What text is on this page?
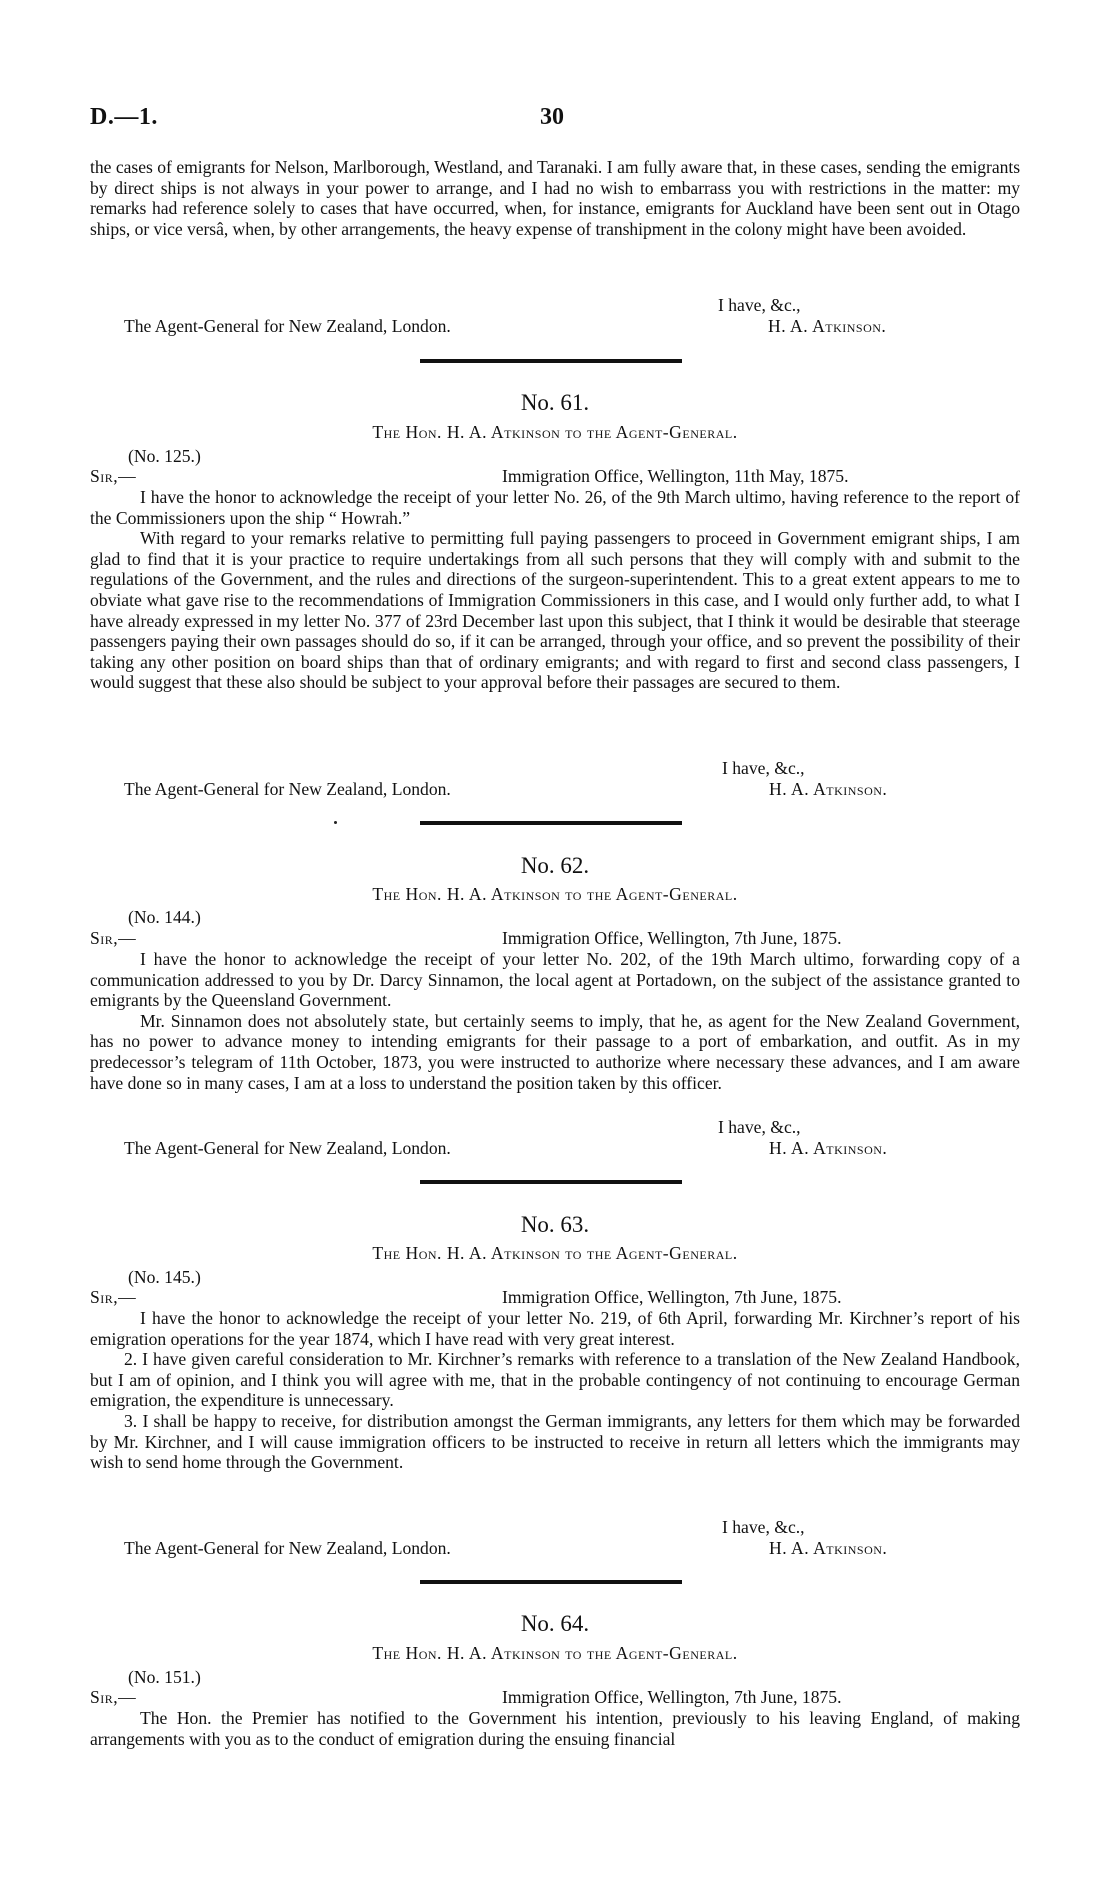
D.—1.	30

the cases of emigrants for Nelson, Marlborough, Westland, and Taranaki. I am fully aware that, in these cases, sending the emigrants by direct ships is not always in your power to arrange, and I had no wish to embarrass you with restrictions in the matter: my remarks had reference solely to cases that have occurred, when, for instance, emigrants for Auckland have been sent out in Otago ships, or vice versâ, when, by other arrangements, the heavy expense of transhipment in the colony might have been avoided.

I have, &c.,
The Agent-General for New Zealand, London.	H. A. Atkinson.
No. 61.
The Hon. H. A. Atkinson to the Agent-General.
(No. 125.)
Sir,—	Immigration Office, Wellington, 11th May, 1875.

I have the honor to acknowledge the receipt of your letter No. 26, of the 9th March ultimo, having reference to the report of the Commissioners upon the ship “ Howrah.”

With regard to your remarks relative to permitting full paying passengers to proceed in Government emigrant ships, I am glad to find that it is your practice to require undertakings from all such persons that they will comply with and submit to the regulations of the Government, and the rules and directions of the surgeon-superintendent. This to a great extent appears to me to obviate what gave rise to the recommendations of Immigration Commissioners in this case, and I would only further add, to what I have already expressed in my letter No. 377 of 23rd December last upon this subject, that I think it would be desirable that steerage passengers paying their own passages should do so, if it can be arranged, through your office, and so prevent the possibility of their taking any other position on board ships than that of ordinary emigrants; and with regard to first and second class passengers, I would suggest that these also should be subject to your approval before their passages are secured to them.

I have, &c.,
The Agent-General for New Zealand, London.	H. A. Atkinson.
No. 62.
The Hon. H. A. Atkinson to the Agent-General.
(No. 144.)
Sir,—	Immigration Office, Wellington, 7th June, 1875.

I have the honor to acknowledge the receipt of your letter No. 202, of the 19th March ultimo, forwarding copy of a communication addressed to you by Dr. Darcy Sinnamon, the local agent at Portadown, on the subject of the assistance granted to emigrants by the Queensland Government.

Mr. Sinnamon does not absolutely state, but certainly seems to imply, that he, as agent for the New Zealand Government, has no power to advance money to intending emigrants for their passage to a port of embarkation, and outfit. As in my predecessor’s telegram of 11th October, 1873, you were instructed to authorize where necessary these advances, and I am aware have done so in many cases, I am at a loss to understand the position taken by this officer.

I have, &c.,
The Agent-General for New Zealand, London.	H. A. Atkinson.
No. 63.
The Hon. H. A. Atkinson to the Agent-General.
(No. 145.)
Sir,—	Immigration Office, Wellington, 7th June, 1875.

I have the honor to acknowledge the receipt of your letter No. 219, of 6th April, forwarding Mr. Kirchner’s report of his emigration operations for the year 1874, which I have read with very great interest.

2. I have given careful consideration to Mr. Kirchner’s remarks with reference to a translation of the New Zealand Handbook, but I am of opinion, and I think you will agree with me, that in the probable contingency of not continuing to encourage German emigration, the expenditure is unnecessary.

3. I shall be happy to receive, for distribution amongst the German immigrants, any letters for them which may be forwarded by Mr. Kirchner, and I will cause immigration officers to be instructed to receive in return all letters which the immigrants may wish to send home through the Government.

I have, &c.,
The Agent-General for New Zealand, London.	H. A. Atkinson.
No. 64.
The Hon. H. A. Atkinson to the Agent-General.
(No. 151.)
Sir,—	Immigration Office, Wellington, 7th June, 1875.

The Hon. the Premier has notified to the Government his intention, previously to his leaving England, of making arrangements with you as to the conduct of emigration during the ensuing financial
